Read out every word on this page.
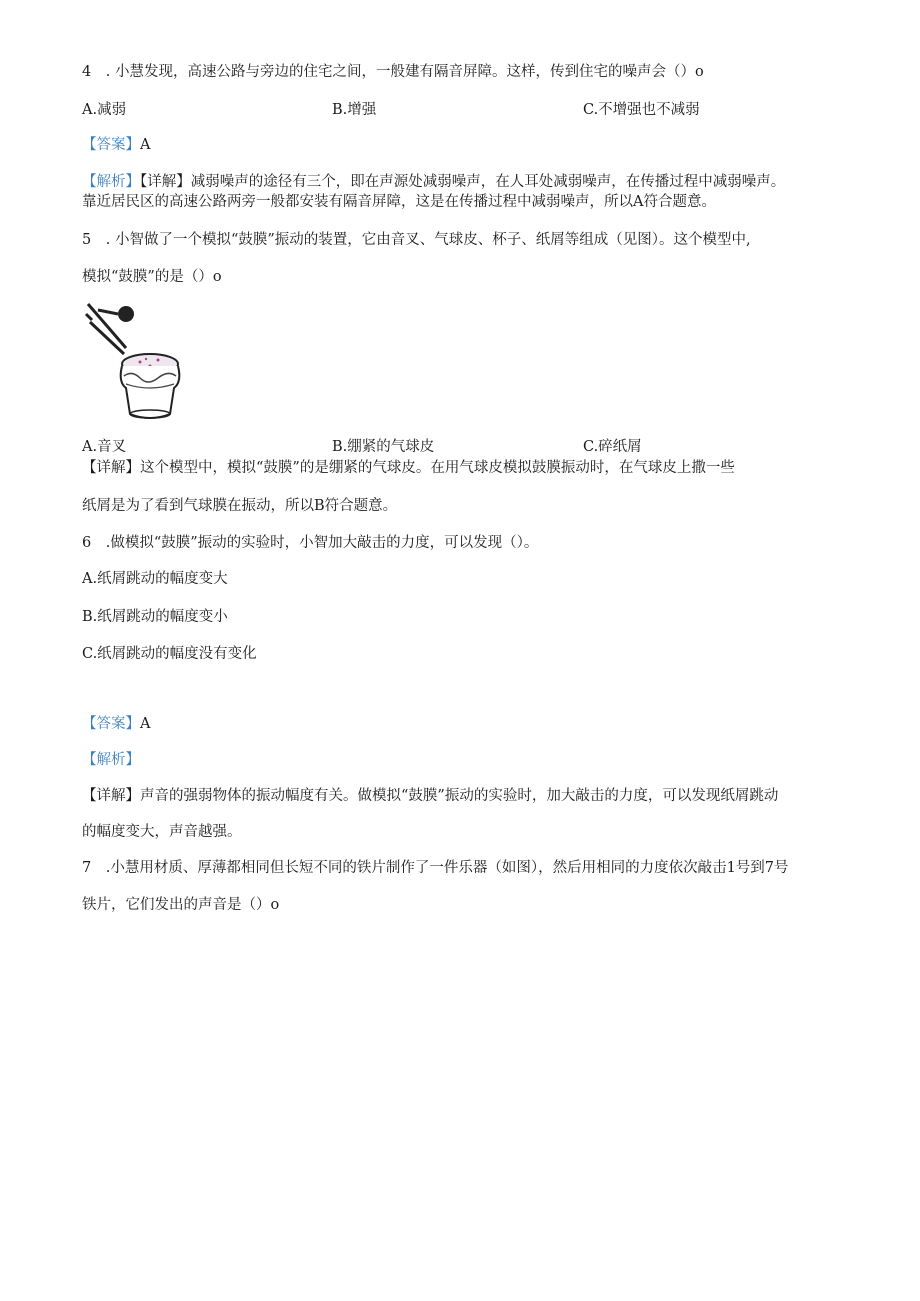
4　. 小慧发现，高速公路与旁边的住宅之间，一般建有隔音屏障。这样，传到住宅的噪声会（）o
A.减弱	B.增强	C.不增强也不减弱
【答案】A
【解析】【详解】减弱噪声的途径有三个，即在声源处减弱噪声，在人耳处减弱噪声，在传播过程中减弱噪声。
靠近居民区的高速公路两旁一般都安装有隔音屏障，这是在传播过程中减弱噪声，所以A符合题意。
5　. 小智做了一个模拟“鼓膜”振动的装置，它由音叉、气球皮、杯子、纸屑等组成（见图）。这个模型中,
模拟“鼓膜”的是（）o
A.音叉	B.绷紧的气球皮	C.碎纸屑
【详解】这个模型中，模拟“鼓膜”的是绷紧的气球皮。在用气球皮模拟鼓膜振动时，在气球皮上撒一些
纸屑是为了看到气球膜在振动，所以B符合题意。
6　.做模拟“鼓膜”振动的实验时，小智加大敲击的力度，可以发现（）。
A.纸屑跳动的幅度变大
B.纸屑跳动的幅度变小
C.纸屑跳动的幅度没有变化
【答案】A
【解析】
【详解】声音的强弱物体的振动幅度有关。做模拟“鼓膜”振动的实验时，加大敲击的力度，可以发现纸屑跳动
的幅度变大，声音越强。
7　.小慧用材质、厚薄都相同但长短不同的铁片制作了一件乐器（如图），然后用相同的力度依次敲击1号到7号
铁片，它们发出的声音是（）o
